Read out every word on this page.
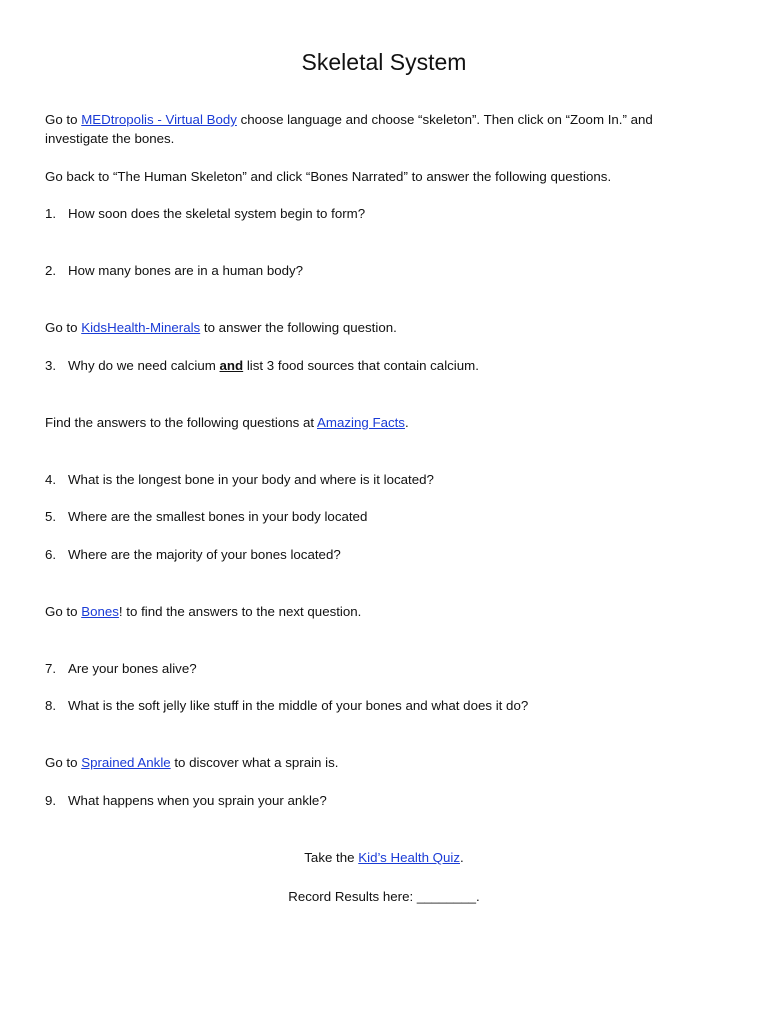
Skeletal System
Go to MEDtropolis - Virtual Body choose language and choose “skeleton”. Then click on “Zoom In.” and investigate the bones.
Go back to “The Human Skeleton” and click “Bones Narrated” to answer the following questions.
1. How soon does the skeletal system begin to form?
2. How many bones are in a human body?
Go to KidsHealth-Minerals to answer the following question.
3. Why do we need calcium and list 3 food sources that contain calcium.
Find the answers to the following questions at Amazing Facts.
4. What is the longest bone in your body and where is it located?
5. Where are the smallest bones in your body located
6. Where are the majority of your bones located?
Go to Bones! to find the answers to the next question.
7. Are your bones alive?
8. What is the soft jelly like stuff in the middle of your bones and what does it do?
Go to Sprained Ankle to discover what a sprain is.
9. What happens when you sprain your ankle?
Take the Kid’s Health Quiz.
Record Results here: ________.
